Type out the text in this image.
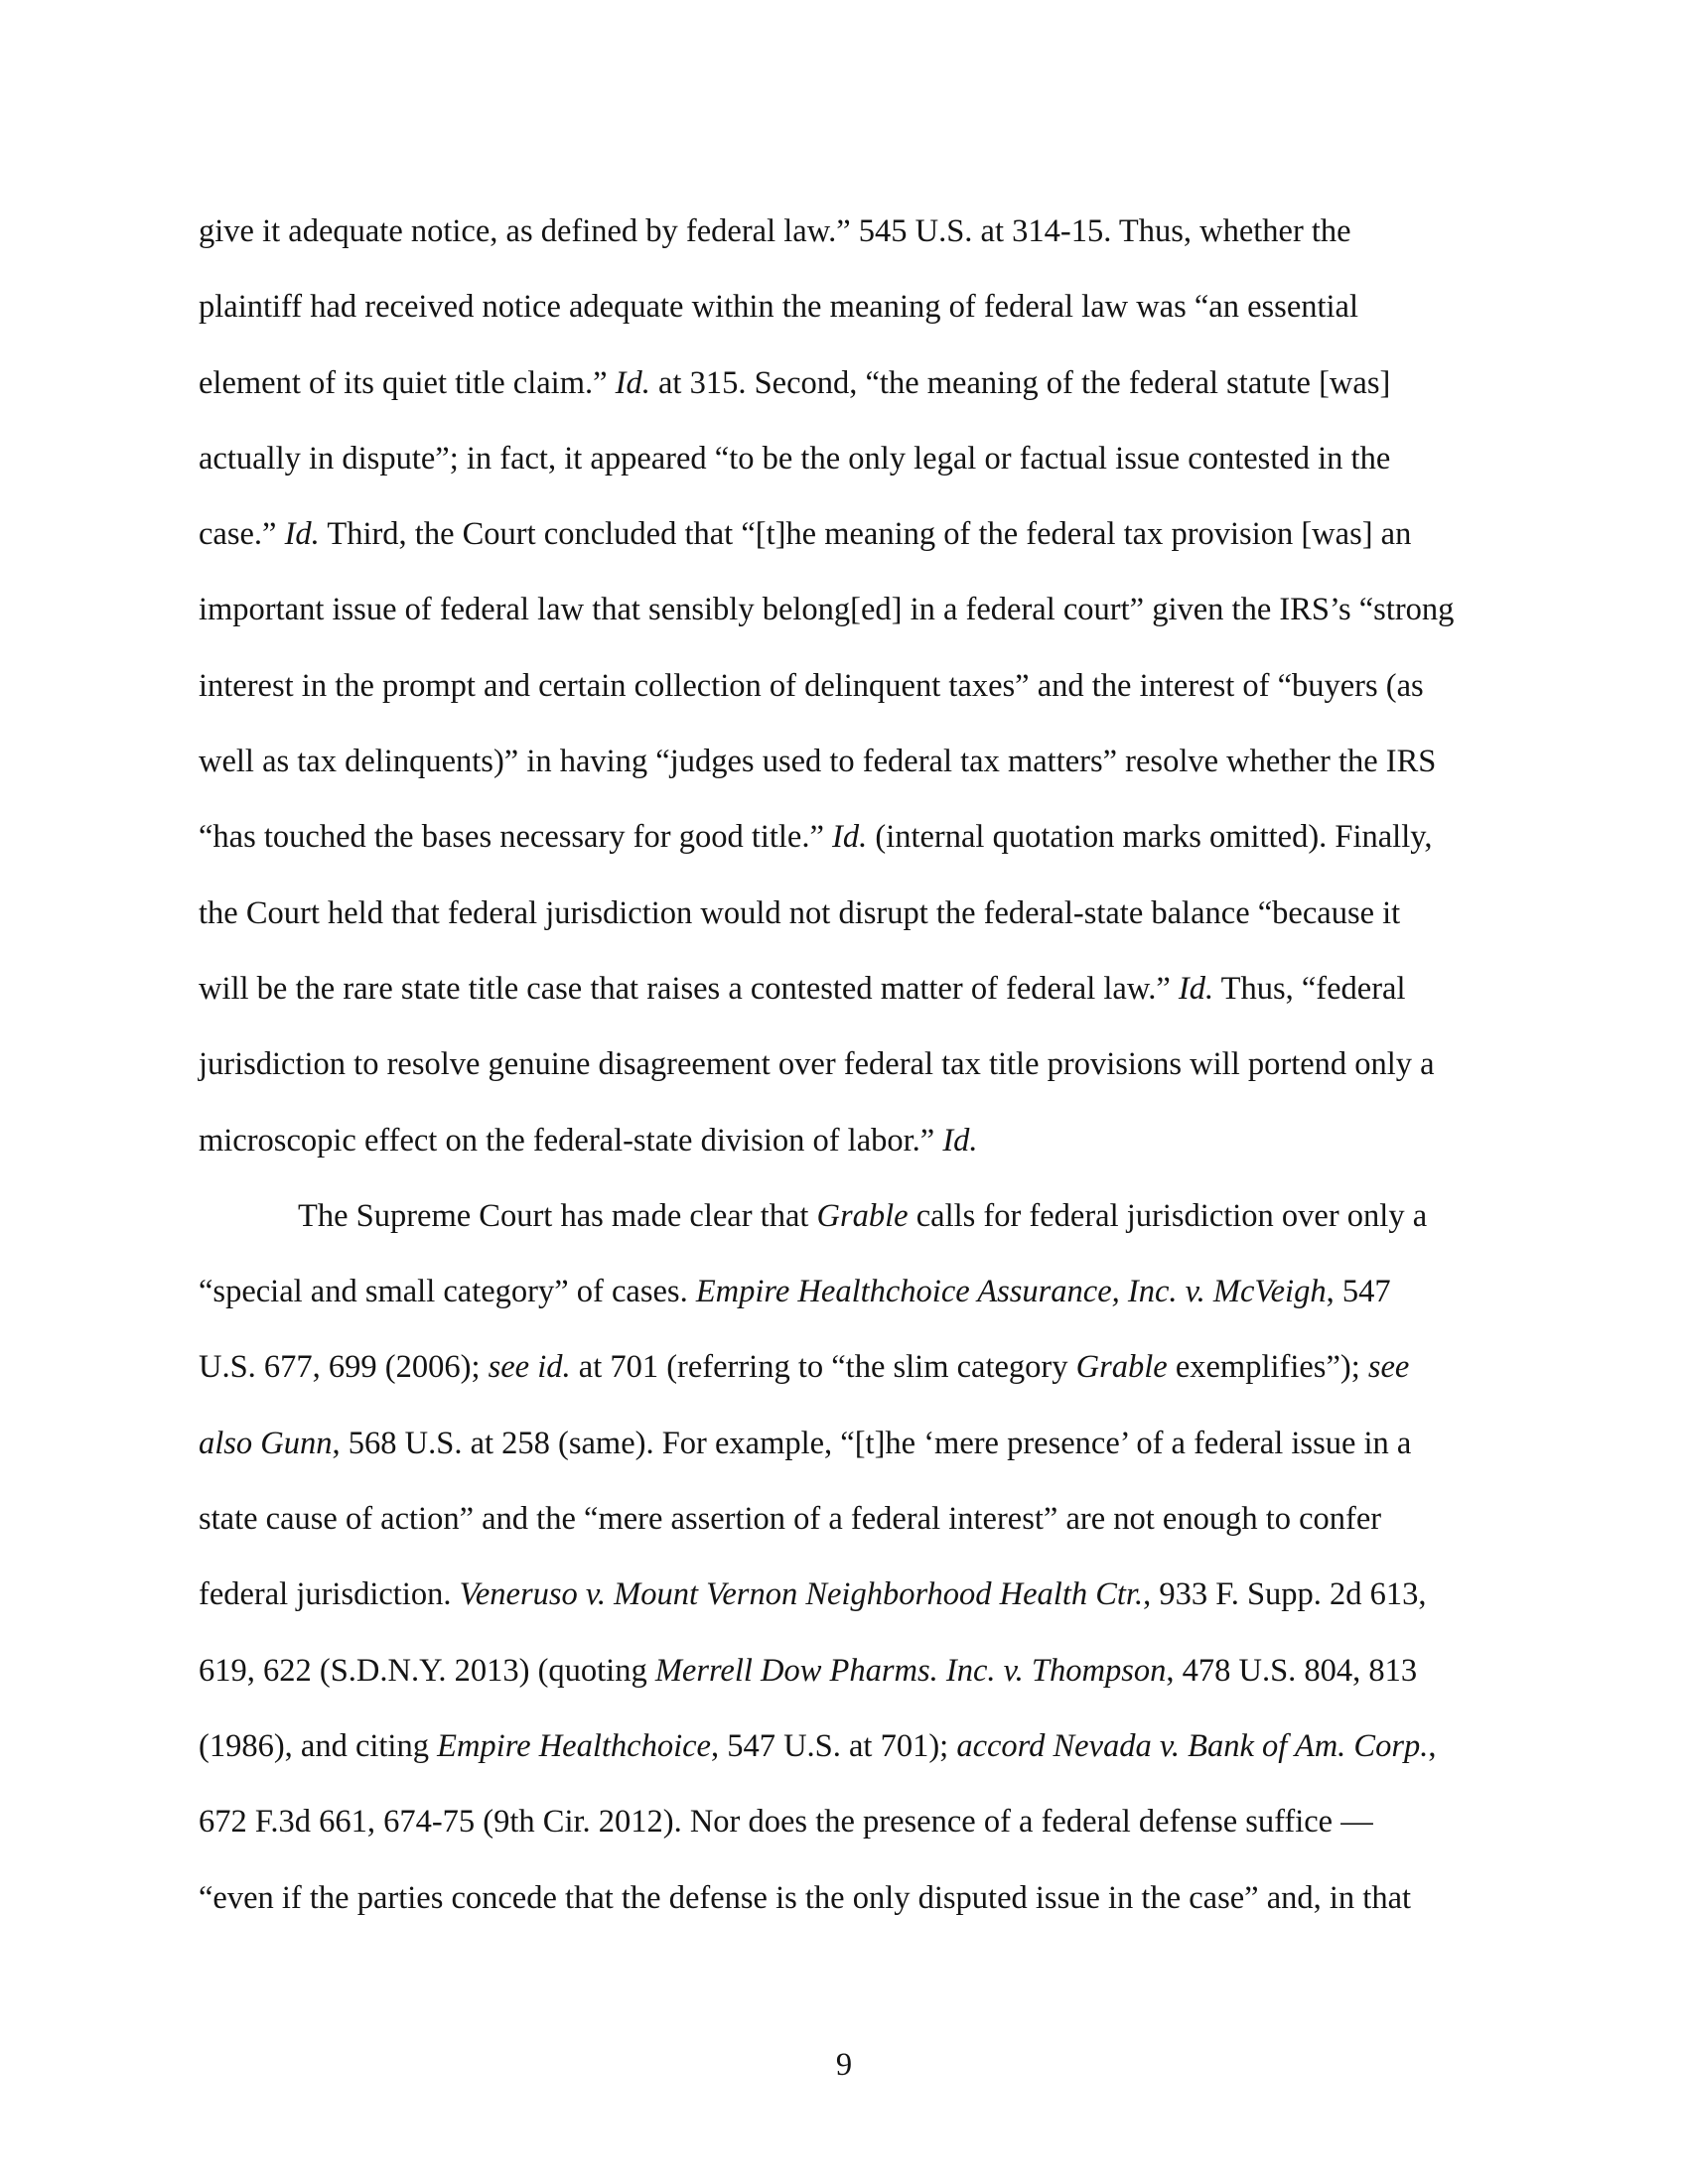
give it adequate notice, as defined by federal law.” 545 U.S. at 314-15. Thus, whether the
plaintiff had received notice adequate within the meaning of federal law was “an essential
element of its quiet title claim.” Id. at 315. Second, “the meaning of the federal statute [was]
actually in dispute”; in fact, it appeared “to be the only legal or factual issue contested in the
case.” Id. Third, the Court concluded that “[t]he meaning of the federal tax provision [was] an
important issue of federal law that sensibly belong[ed] in a federal court” given the IRS’s “strong
interest in the prompt and certain collection of delinquent taxes” and the interest of “buyers (as
well as tax delinquents)” in having “judges used to federal tax matters” resolve whether the IRS
“has touched the bases necessary for good title.” Id. (internal quotation marks omitted). Finally,
the Court held that federal jurisdiction would not disrupt the federal-state balance “because it
will be the rare state title case that raises a contested matter of federal law.” Id. Thus, “federal
jurisdiction to resolve genuine disagreement over federal tax title provisions will portend only a
microscopic effect on the federal-state division of labor.” Id.
The Supreme Court has made clear that Grable calls for federal jurisdiction over only a
“special and small category” of cases. Empire Healthchoice Assurance, Inc. v. McVeigh, 547
U.S. 677, 699 (2006); see id. at 701 (referring to “the slim category Grable exemplifies”); see
also Gunn, 568 U.S. at 258 (same). For example, “[t]he ‘mere presence’ of a federal issue in a
state cause of action” and the “mere assertion of a federal interest” are not enough to confer
federal jurisdiction. Veneruso v. Mount Vernon Neighborhood Health Ctr., 933 F. Supp. 2d 613,
619, 622 (S.D.N.Y. 2013) (quoting Merrell Dow Pharms. Inc. v. Thompson, 478 U.S. 804, 813
(1986), and citing Empire Healthchoice, 547 U.S. at 701); accord Nevada v. Bank of Am. Corp.,
672 F.3d 661, 674-75 (9th Cir. 2012). Nor does the presence of a federal defense suffice —
“even if the parties concede that the defense is the only disputed issue in the case” and, in that
9
